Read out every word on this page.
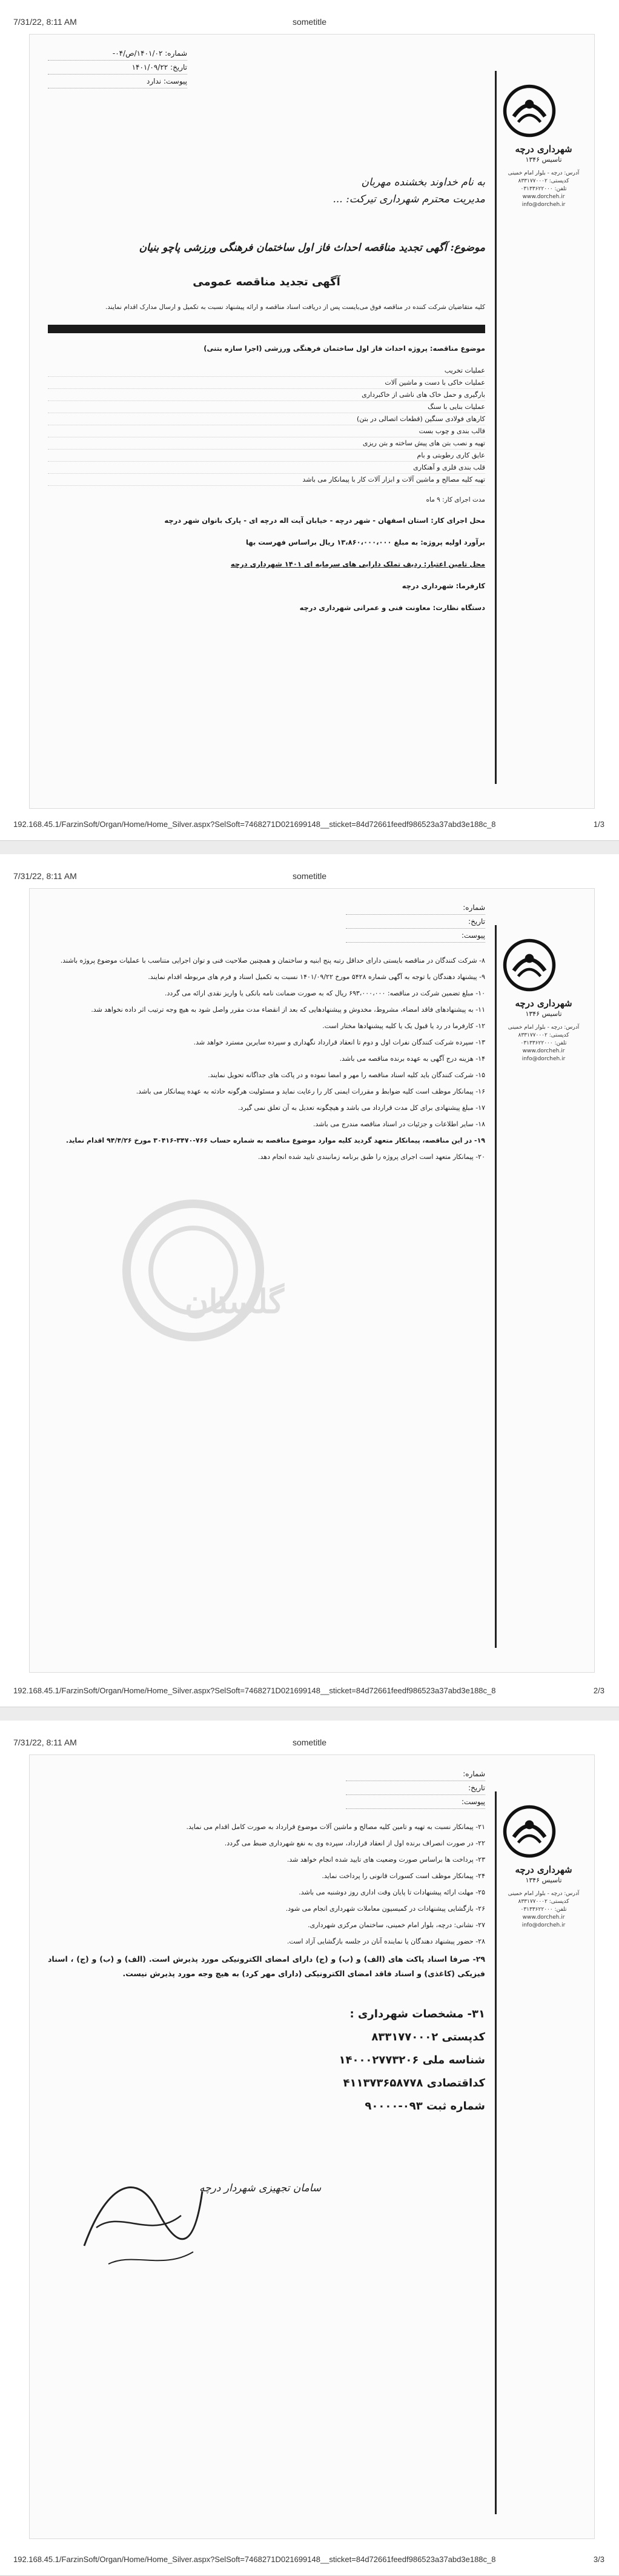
7/31/22, 8:11 AM	sometitle
شهرداری درچه
تاسیس ۱۳۴۶
آدرس: درچه - بلوار امام خمینی
کدپستی: ۸۳۳۱۷۷۰۰۰۲
تلفن: ۰۳۱۳۳۶۲۲۰۰۰
www.dorcheh.ir
info@dorcheh.ir
شماره: ۱۴۰۱/۰۲/ص/۰۴-
تاریخ: ۱۴۰۱/۰۹/۲۲
پیوست: ندارد
به نام خداوند بخشنده مهربان
مدیریت محترم شهرداری تیرکت: ...
موضوع: آگهی تجدید مناقصه احداث فاز اول ساختمان فرهنگی ورزشی پاچو بنیان
آگهی تجدید مناقصه عمومی
کلیه متقاضیان شرکت کننده در مناقصه فوق می‌بایست پس از دریافت اسناد مناقصه و ارائه پیشنهاد نسبت به تکمیل و ارسال مدارک اقدام نمایند.
موضوع مناقصه: پروژه احداث فاز اول ساختمان فرهنگی ورزشی (اجرا سازه بتنی)
عملیات تخریب
عملیات خاکی با دست و ماشین آلات
بارگیری و حمل خاک های ناشی از خاکبرداری
عملیات بنایی با سنگ
کارهای فولادی سنگین (قطعات اتصالی در بتن)
قالب بندی و چوب بست
تهیه و نصب بتن های پیش ساخته و بتن ریزی
عایق کاری رطوبتی و بام
قلب بندی فلزی و آهنکاری
تهیه کلیه مصالح و ماشین آلات و ابزار آلات کار با پیمانکار می باشد
مدت اجرای کار: ۹ ماه
محل اجرای کار: استان اصفهان - شهر درچه - خیابان آیت اله درچه ای - پارک بانوان شهر درچه
برآورد اولیه پروژه: به مبلغ ۱۳،۸۶۰،۰۰۰،۰۰۰ ریال براساس فهرست بها
محل تامین اعتبار: ردیف تملک دارایی های سرمایه ای ۱۴۰۱ شهرداری درچه
کارفرما: شهرداری درچه
دستگاه نظارت: معاونت فنی و عمرانی شهرداری درچه
192.168.45.1/FarzinSoft/Organ/Home/Home_Silver.aspx?SelSoft=7468271D021699148__sticket=84d72661feedf986523a37abd3e188c_8	1/3
7/31/22, 8:11 AM	sometitle
شهرداری درچه
تاسیس ۱۳۴۶
آدرس: درچه - بلوار امام خمینی
کدپستی: ۸۳۳۱۷۷۰۰۰۲
تلفن: ۰۳۱۳۳۶۲۲۰۰۰
www.dorcheh.ir
info@dorcheh.ir
شماره:
تاریخ:
پیوست:
گلستان

۸- شرکت کنندگان در مناقصه بایستی دارای حداقل رتبه پنج ابنیه و ساختمان و همچنین صلاحیت فنی و توان اجرایی متناسب با عملیات موضوع پروژه باشند.

۹- پیشنهاد دهندگان با توجه به آگهی شماره ۵۴۲۸ مورخ ۱۴۰۱/۰۹/۲۲ نسبت به تکمیل اسناد و فرم های مربوطه اقدام نمایند.

۱۰- مبلغ تضمین شرکت در مناقصه: ۶۹۳،۰۰۰،۰۰۰ ریال که به صورت ضمانت نامه بانکی یا واریز نقدی ارائه می گردد.

۱۱- به پیشنهادهای فاقد امضاء، مشروط، مخدوش و پیشنهادهایی که بعد از انقضاء مدت مقرر واصل شود به هیچ وجه ترتیب اثر داده نخواهد شد.

۱۲- کارفرما در رد یا قبول یک یا کلیه پیشنهادها مختار است.

۱۳- سپرده شرکت کنندگان نفرات اول و دوم تا انعقاد قرارداد نگهداری و سپرده سایرین مسترد خواهد شد.

۱۴- هزینه درج آگهی به عهده برنده مناقصه می باشد.

۱۵- شرکت کنندگان باید کلیه اسناد مناقصه را مهر و امضا نموده و در پاکت های جداگانه تحویل نمایند.

۱۶- پیمانکار موظف است کلیه ضوابط و مقررات ایمنی کار را رعایت نماید و مسئولیت هرگونه حادثه به عهده پیمانکار می باشد.

۱۷- مبلغ پیشنهادی برای کل مدت قرارداد می باشد و هیچگونه تعدیل به آن تعلق نمی گیرد.

۱۸- سایر اطلاعات و جزئیات در اسناد مناقصه مندرج می باشد.

۱۹- در این مناقصه، پیمانکار متعهد گردید کلیه موارد موضوع مناقصه به شماره حساب ۷۶۶-۳۴۷۰-۳۰۴۱۶ مورخ ۹۴/۴/۲۶ اقدام نماید.

۲۰- پیمانکار متعهد است اجرای پروژه را طبق برنامه زمانبندی تایید شده انجام دهد.

192.168.45.1/FarzinSoft/Organ/Home/Home_Silver.aspx?SelSoft=7468271D021699148__sticket=84d72661feedf986523a37abd3e188c_8	2/3
7/31/22, 8:11 AM	sometitle
شهرداری درچه
تاسیس ۱۳۴۶
آدرس: درچه - بلوار امام خمینی
کدپستی: ۸۳۳۱۷۷۰۰۰۲
تلفن: ۰۳۱۳۳۶۲۲۰۰۰
www.dorcheh.ir
info@dorcheh.ir
شماره:
تاریخ:
پیوست:

۲۱- پیمانکار نسبت به تهیه و تامین کلیه مصالح و ماشین آلات موضوع قرارداد به صورت کامل اقدام می نماید.

۲۲- در صورت انصراف برنده اول از انعقاد قرارداد، سپرده وی به نفع شهرداری ضبط می گردد.

۲۳- پرداخت ها براساس صورت وضعیت های تایید شده انجام خواهد شد.

۲۴- پیمانکار موظف است کسورات قانونی را پرداخت نماید.

۲۵- مهلت ارائه پیشنهادات تا پایان وقت اداری روز دوشنبه می باشد.

۲۶- بازگشایی پیشنهادات در کمیسیون معاملات شهرداری انجام می شود.

۲۷- نشانی: درچه، بلوار امام خمینی، ساختمان مرکزی شهرداری.

۲۸- حضور پیشنهاد دهندگان یا نماینده آنان در جلسه بازگشایی آزاد است.

۲۹- صرفا اسناد پاکت های (الف) و (ب) و (ج) دارای امضای الکترونیکی مورد پذیرش است. (الف) و (ب) و (ج) ، اسناد فیزیکی (کاغذی) و اسناد فاقد امضای الکترونیکی (دارای مهر کرد) به هیچ وجه مورد پذیرش نیست.

۳۱- مشخصات شهرداری :
کدپستی ۸۳۳۱۷۷۰۰۰۲
شناسه ملی ۱۴۰۰۰۲۷۷۳۲۰۶
کداقتصادی ۴۱۱۳۷۳۶۵۸۷۷۸
شماره ثبت ۰۹۳-۹۰۰۰۰
سامان تجهیزی شهردار درچه
192.168.45.1/FarzinSoft/Organ/Home/Home_Silver.aspx?SelSoft=7468271D021699148__sticket=84d72661feedf986523a37abd3e188c_8	3/3
